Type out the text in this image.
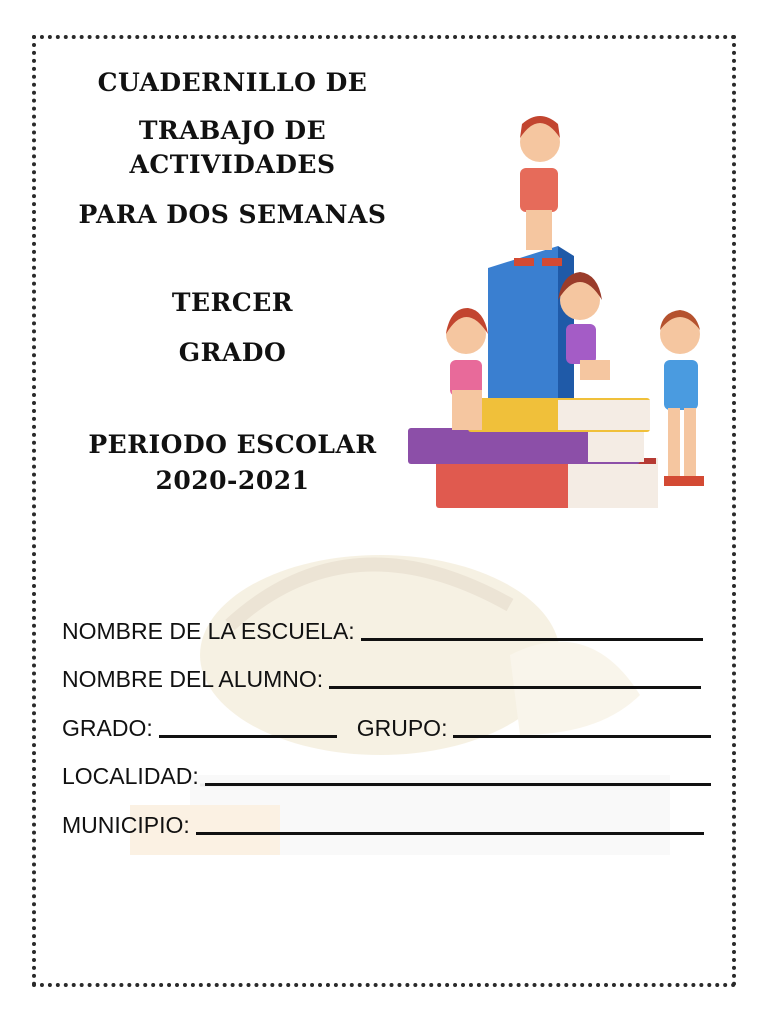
CUADERNILLO DE
TRABAJO DE
ACTIVIDADES
PARA DOS SEMANAS
TERCER
GRADO
PERIODO ESCOLAR
2020-2021
NOMBRE DE LA ESCUELA:
NOMBRE DEL ALUMNO:
GRADO:	GRUPO:
LOCALIDAD:
MUNICIPIO:
